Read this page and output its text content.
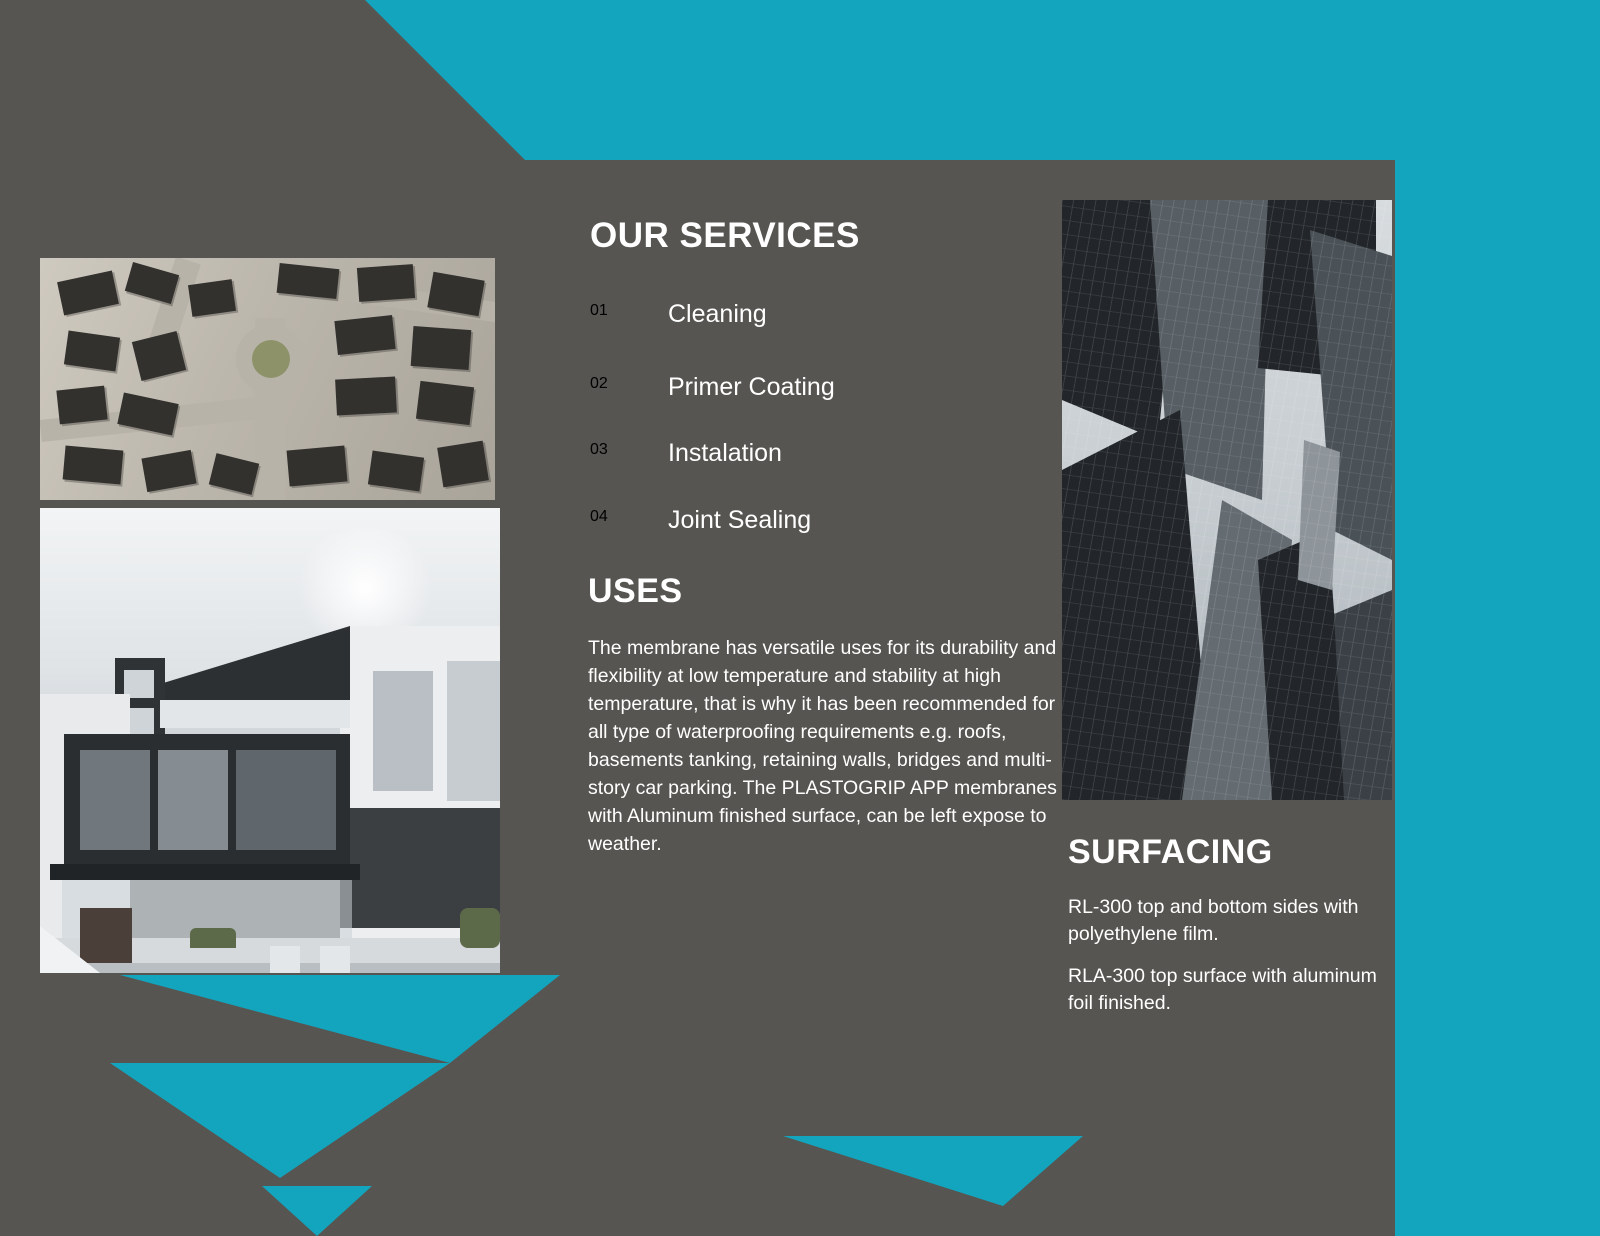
OUR SERVICES
01 Cleaning
02 Primer Coating
03 Instalation
04 Joint Sealing
USES
The membrane has versatile uses for its durability and flexibility at low temperature and stability at high temperature, that is why it has been recommended for all type of waterproofing requirements e.g. roofs, basements tanking, retaining walls, bridges and multi-story car parking. The PLASTOGRIP APP membranes with Aluminum finished surface, can be left expose to weather.	SURFACING
RL-300 top and bottom sides with polyethylene film.
RLA-300 top surface with aluminum foil finished.
